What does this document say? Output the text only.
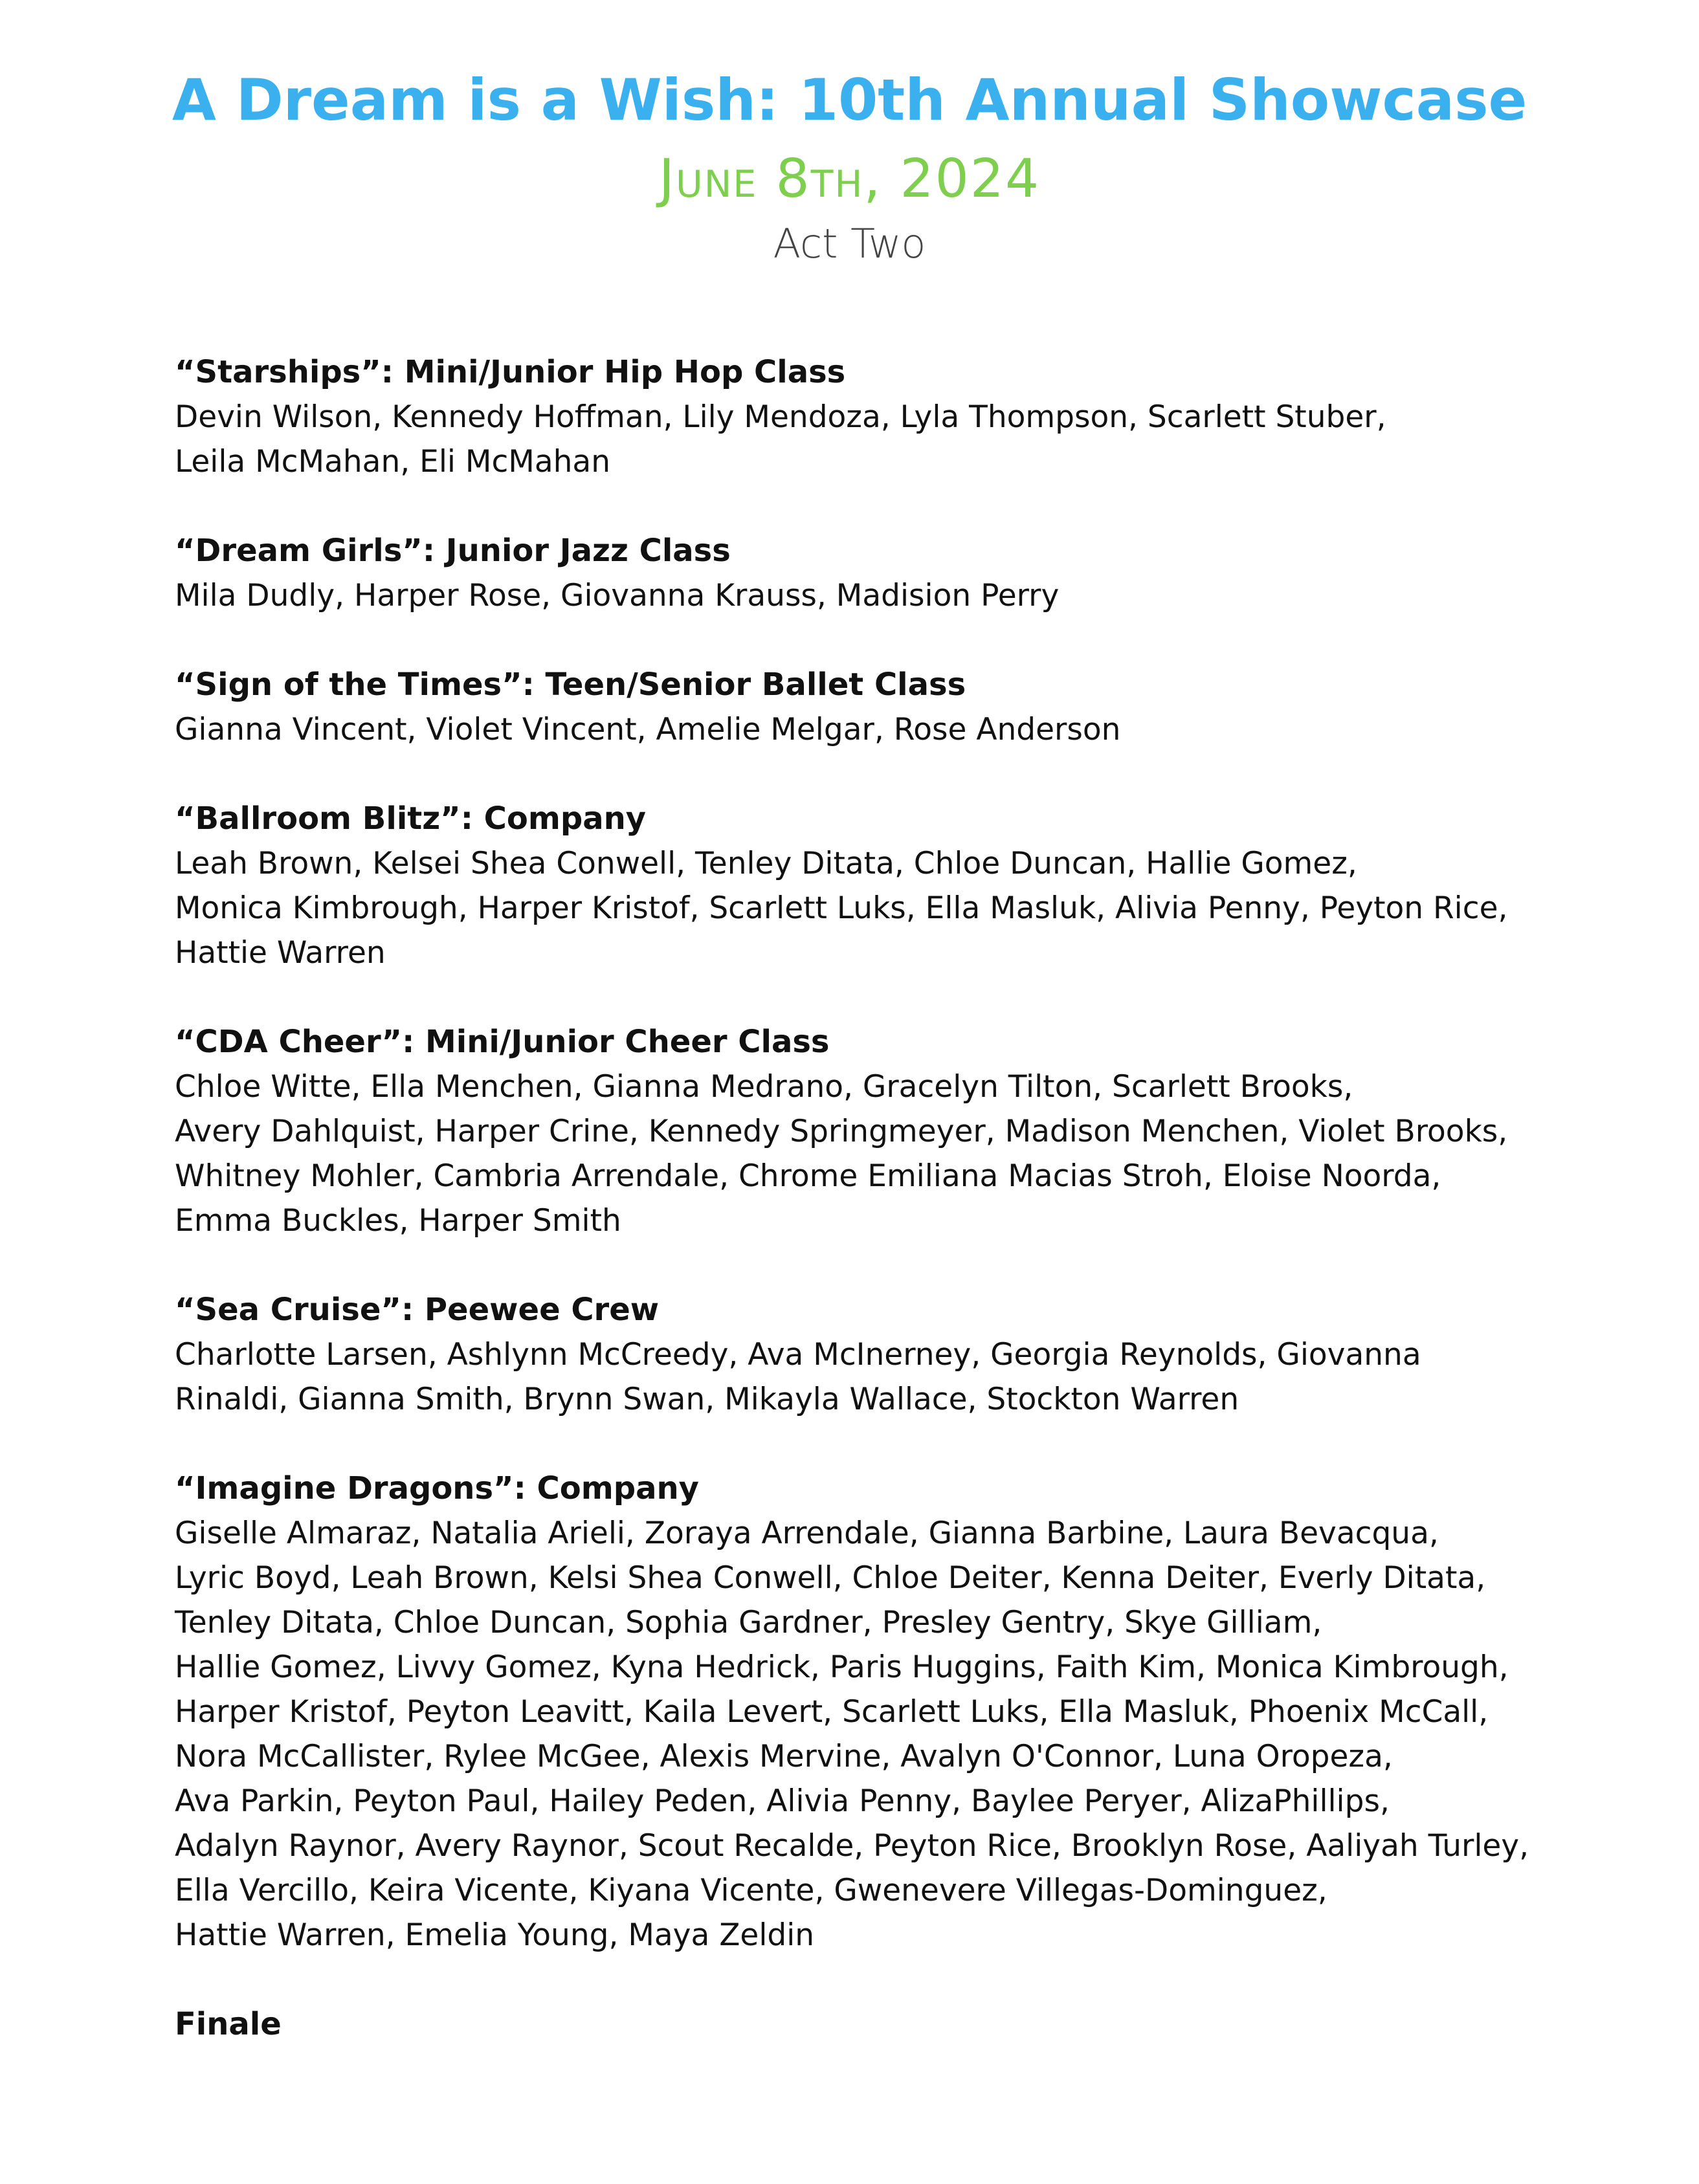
A Dream is a Wish: 10th Annual Showcase
June 8th, 2024
Act Two
“Starships”: Mini/Junior Hip Hop Class
Devin Wilson, Kennedy Hoffman, Lily Mendoza, Lyla Thompson, Scarlett Stuber,
Leila McMahan, Eli McMahan
“Dream Girls”: Junior Jazz Class
Mila Dudly, Harper Rose, Giovanna Krauss, Madision Perry
“Sign of the Times”: Teen/Senior Ballet Class
Gianna Vincent, Violet Vincent, Amelie Melgar, Rose Anderson
“Ballroom Blitz”: Company
Leah Brown, Kelsei Shea Conwell, Tenley Ditata, Chloe Duncan, Hallie Gomez,
Monica Kimbrough, Harper Kristof, Scarlett Luks, Ella Masluk, Alivia Penny, Peyton Rice,
Hattie Warren
“CDA Cheer”: Mini/Junior Cheer Class
Chloe Witte, Ella Menchen, Gianna Medrano, Gracelyn Tilton, Scarlett Brooks,
Avery Dahlquist, Harper Crine, Kennedy Springmeyer, Madison Menchen, Violet Brooks,
Whitney Mohler, Cambria Arrendale, Chrome Emiliana Macias Stroh, Eloise Noorda,
Emma Buckles, Harper Smith
“Sea Cruise”: Peewee Crew
Charlotte Larsen, Ashlynn McCreedy, Ava McInerney, Georgia Reynolds, Giovanna
Rinaldi, Gianna Smith, Brynn Swan, Mikayla Wallace, Stockton Warren
“Imagine Dragons”: Company
Giselle Almaraz, Natalia Arieli, Zoraya Arrendale, Gianna Barbine, Laura Bevacqua,
Lyric Boyd, Leah Brown, Kelsi Shea Conwell, Chloe Deiter, Kenna Deiter, Everly Ditata,
Tenley Ditata, Chloe Duncan, Sophia Gardner, Presley Gentry, Skye Gilliam,
Hallie Gomez, Livvy Gomez, Kyna Hedrick, Paris Huggins, Faith Kim, Monica Kimbrough,
Harper Kristof, Peyton Leavitt, Kaila Levert, Scarlett Luks, Ella Masluk, Phoenix McCall,
Nora McCallister, Rylee McGee, Alexis Mervine, Avalyn O'Connor, Luna Oropeza,
Ava Parkin, Peyton Paul, Hailey Peden, Alivia Penny, Baylee Peryer, AlizaPhillips,
Adalyn Raynor, Avery Raynor, Scout Recalde, Peyton Rice, Brooklyn Rose, Aaliyah Turley,
Ella Vercillo, Keira Vicente, Kiyana Vicente, Gwenevere Villegas-Dominguez,
Hattie Warren, Emelia Young, Maya Zeldin
Finale
